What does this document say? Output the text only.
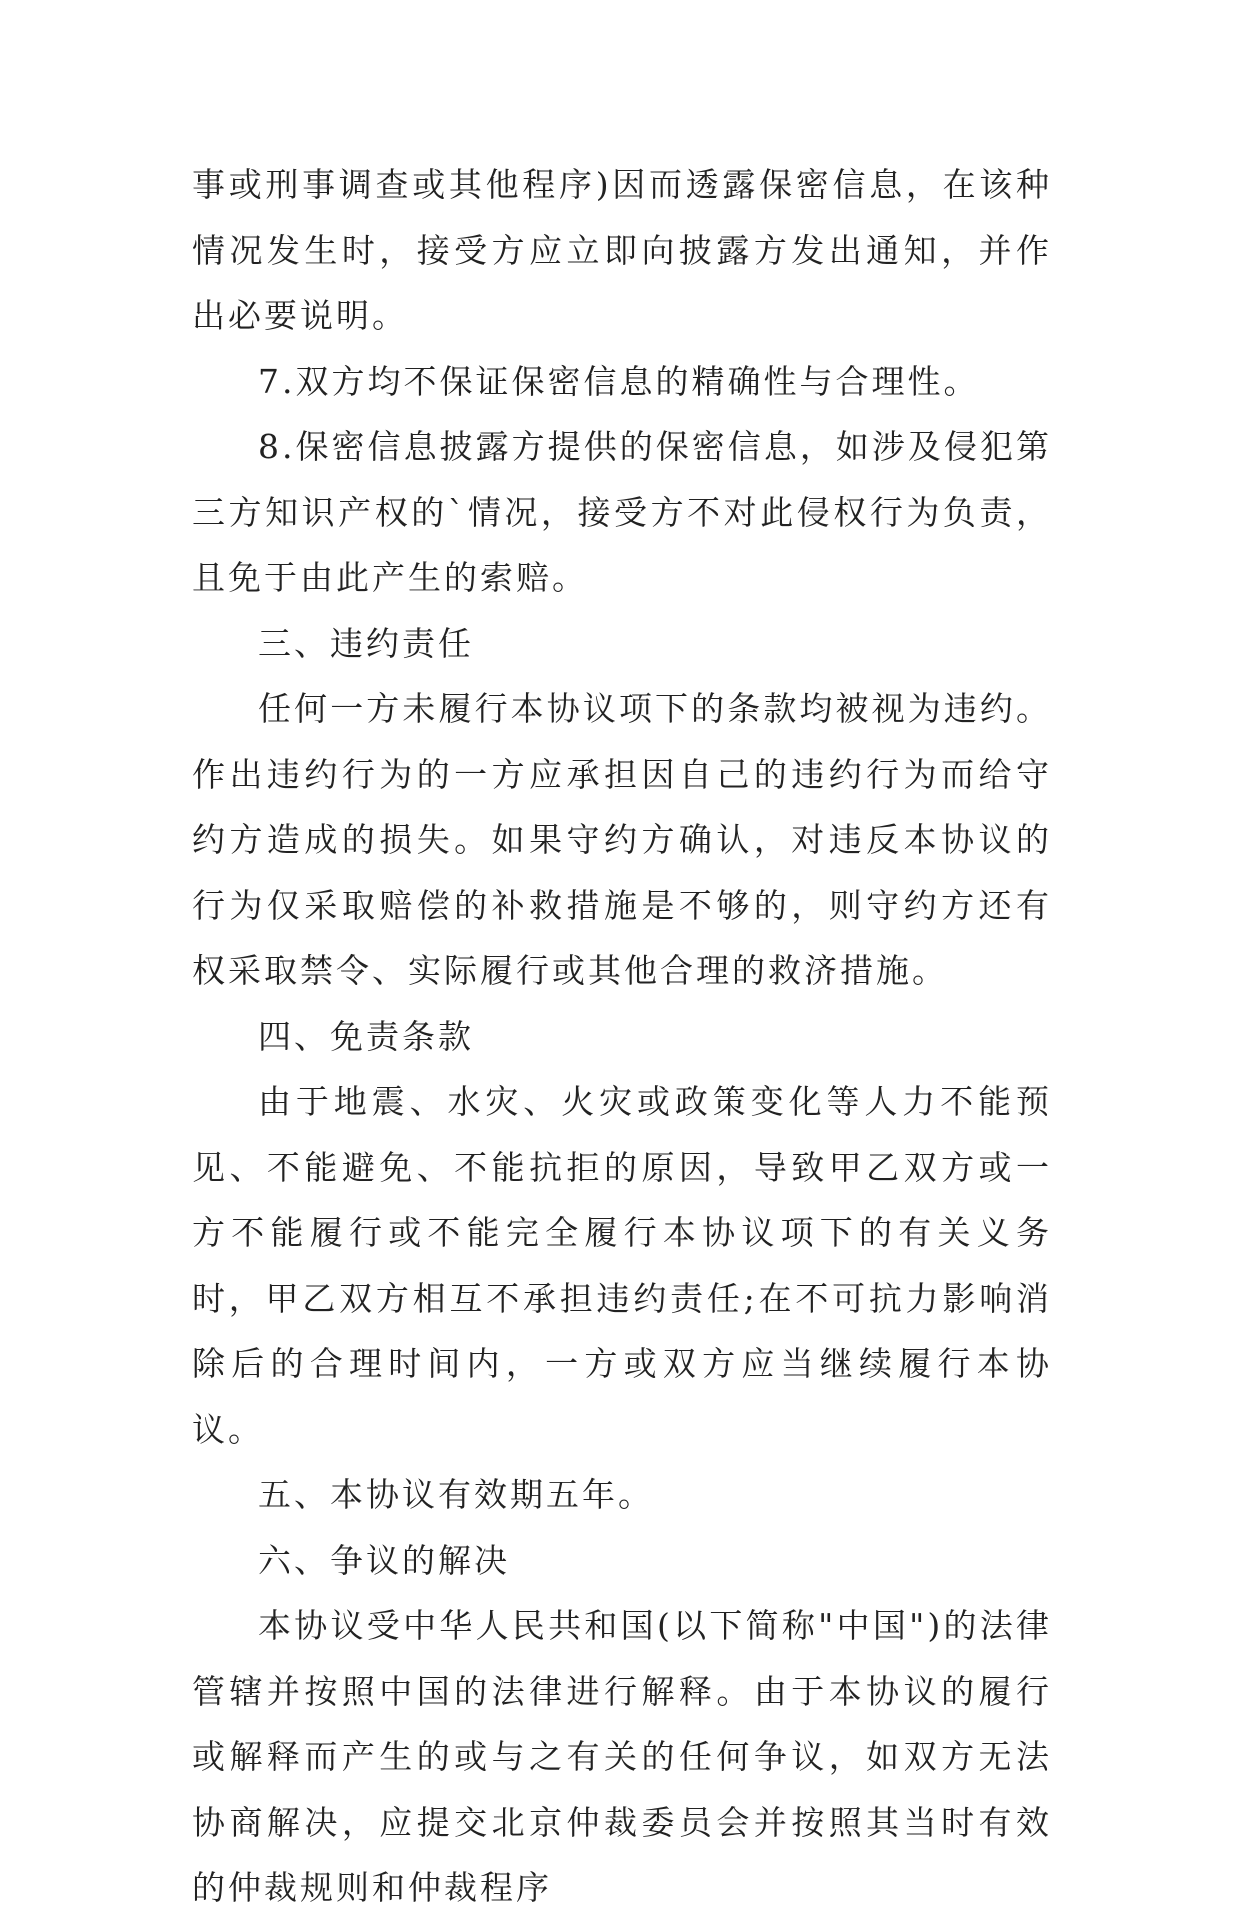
事或刑事调查或其他程序)因而透露保密信息，在该种情况发生时，接受方应立即向披露方发出通知，并作出必要说明。

7.双方均不保证保密信息的精确性与合理性。

8.保密信息披露方提供的保密信息，如涉及侵犯第三方知识产权的`情况，接受方不对此侵权行为负责，且免于由此产生的索赔。

三、违约责任

任何一方未履行本协议项下的条款均被视为违约。作出违约行为的一方应承担因自己的违约行为而给守约方造成的损失。如果守约方确认，对违反本协议的行为仅采取赔偿的补救措施是不够的，则守约方还有权采取禁令、实际履行或其他合理的救济措施。

四、免责条款

由于地震、水灾、火灾或政策变化等人力不能预见、不能避免、不能抗拒的原因，导致甲乙双方或一方不能履行或不能完全履行本协议项下的有关义务时，甲乙双方相互不承担违约责任;在不可抗力影响消除后的合理时间内，一方或双方应当继续履行本协议。

五、本协议有效期五年。

六、争议的解决

本协议受中华人民共和国(以下简称"中国")的法律管辖并按照中国的法律进行解释。由于本协议的履行或解释而产生的或与之有关的任何争议，如双方无法协商解决，应提交北京仲裁委员会并按照其当时有效的仲裁规则和仲裁程序
